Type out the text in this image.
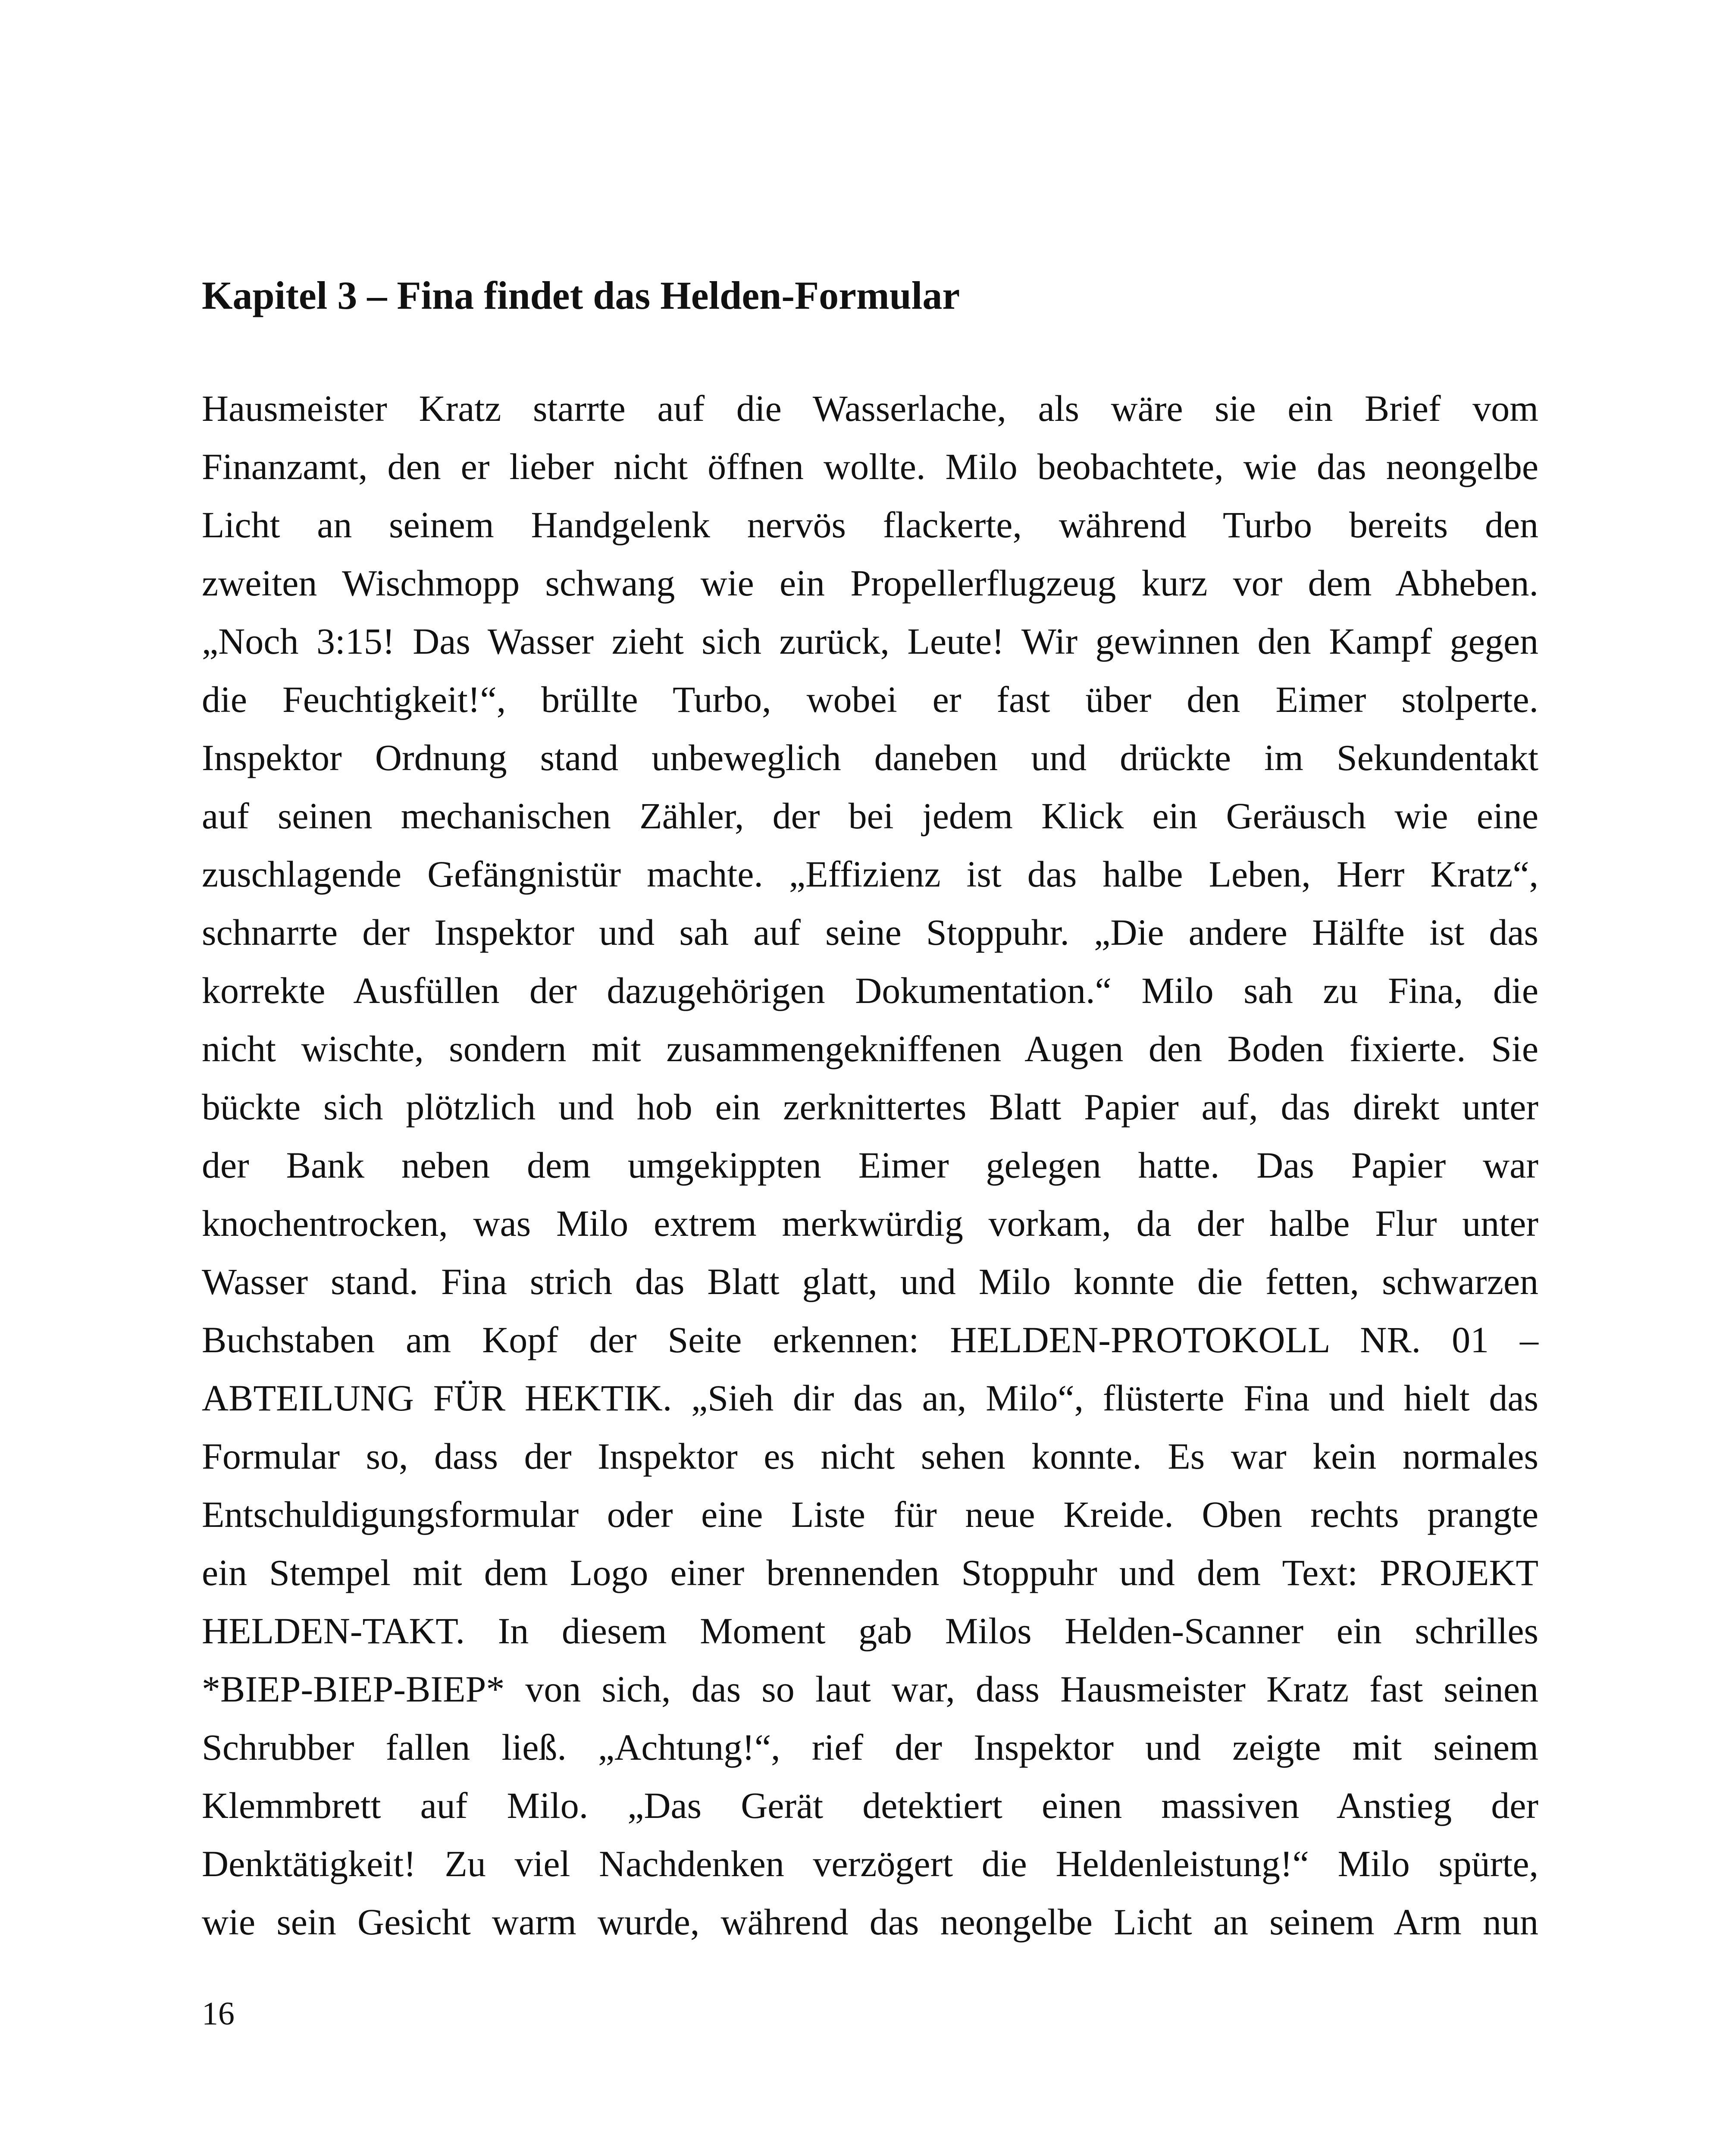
Kapitel 3 – Fina findet das Helden-Formular
Hausmeister Kratz starrte auf die Wasserlache, als wäre sie ein Brief vom
Finanzamt, den er lieber nicht öffnen wollte. Milo beobachtete, wie das neongelbe
Licht an seinem Handgelenk nervös flackerte, während Turbo bereits den
zweiten Wischmopp schwang wie ein Propellerflugzeug kurz vor dem Abheben.
„Noch 3:15! Das Wasser zieht sich zurück, Leute! Wir gewinnen den Kampf gegen
die Feuchtigkeit!“, brüllte Turbo, wobei er fast über den Eimer stolperte.
Inspektor Ordnung stand unbeweglich daneben und drückte im Sekundentakt
auf seinen mechanischen Zähler, der bei jedem Klick ein Geräusch wie eine
zuschlagende Gefängnistür machte. „Effizienz ist das halbe Leben, Herr Kratz“,
schnarrte der Inspektor und sah auf seine Stoppuhr. „Die andere Hälfte ist das
korrekte Ausfüllen der dazugehörigen Dokumentation.“ Milo sah zu Fina, die
nicht wischte, sondern mit zusammengekniffenen Augen den Boden fixierte. Sie
bückte sich plötzlich und hob ein zerknittertes Blatt Papier auf, das direkt unter
der Bank neben dem umgekippten Eimer gelegen hatte. Das Papier war
knochentrocken, was Milo extrem merkwürdig vorkam, da der halbe Flur unter
Wasser stand. Fina strich das Blatt glatt, und Milo konnte die fetten, schwarzen
Buchstaben am Kopf der Seite erkennen: HELDEN-PROTOKOLL NR. 01 –
ABTEILUNG FÜR HEKTIK. „Sieh dir das an, Milo“, flüsterte Fina und hielt das
Formular so, dass der Inspektor es nicht sehen konnte. Es war kein normales
Entschuldigungsformular oder eine Liste für neue Kreide. Oben rechts prangte
ein Stempel mit dem Logo einer brennenden Stoppuhr und dem Text: PROJEKT
HELDEN-TAKT. In diesem Moment gab Milos Helden-Scanner ein schrilles
*BIEP-BIEP-BIEP* von sich, das so laut war, dass Hausmeister Kratz fast seinen
Schrubber fallen ließ. „Achtung!“, rief der Inspektor und zeigte mit seinem
Klemmbrett auf Milo. „Das Gerät detektiert einen massiven Anstieg der
Denktätigkeit! Zu viel Nachdenken verzögert die Heldenleistung!“ Milo spürte,
wie sein Gesicht warm wurde, während das neongelbe Licht an seinem Arm nun
16
